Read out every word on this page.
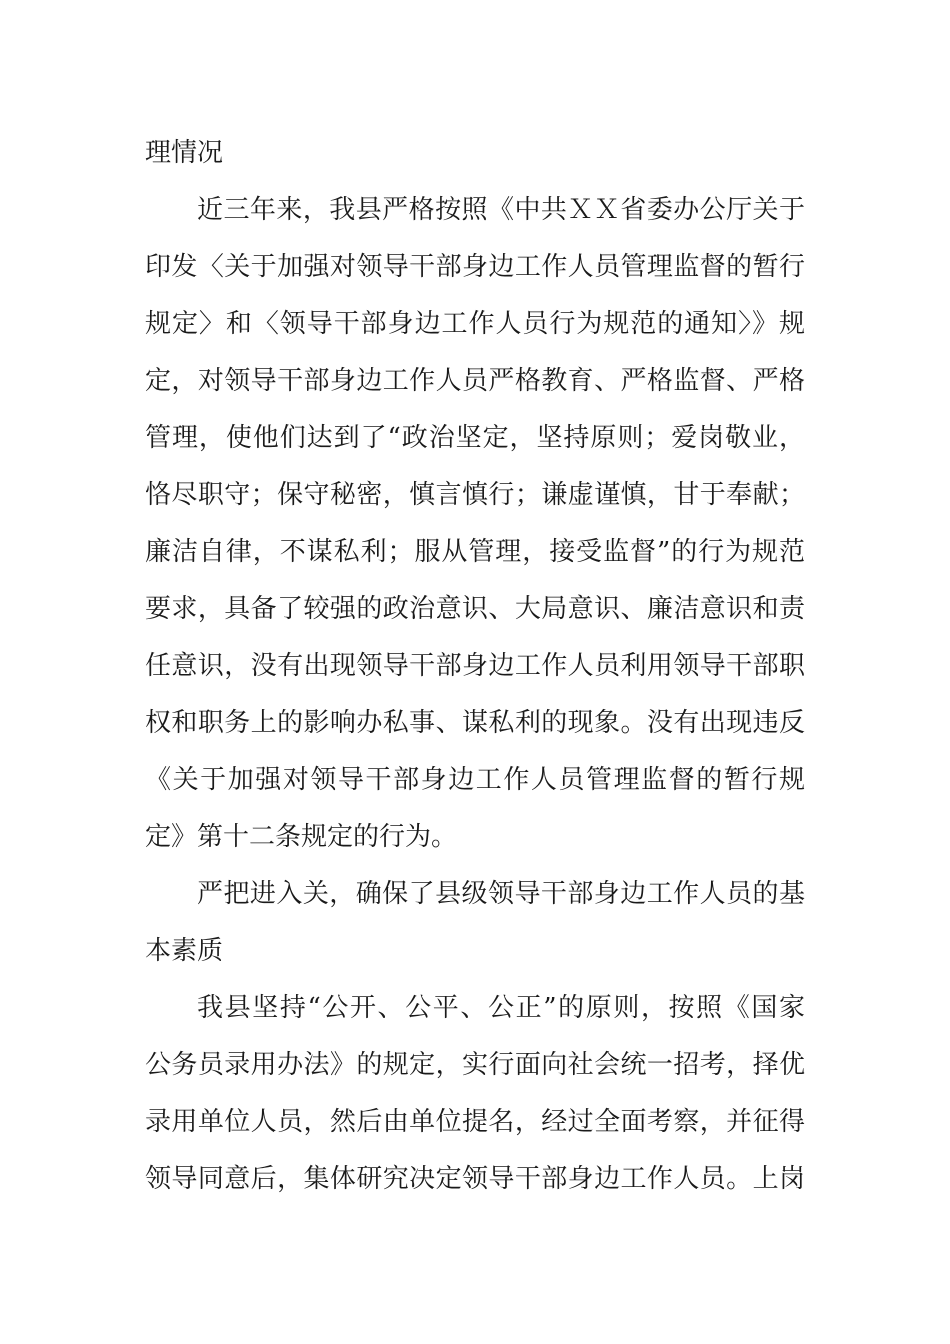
理情况
近三年来，我县严格按照《中共ＸＸ省委办公厅关于
印发〈关于加强对领导干部身边工作人员管理监督的暂行
规定〉和〈领导干部身边工作人员行为规范的通知〉》规
定，对领导干部身边工作人员严格教育、严格监督、严格
管理，使他们达到了“政治坚定，坚持原则；爱岗敬业，
恪尽职守；保守秘密，慎言慎行；谦虚谨慎，甘于奉献；
廉洁自律，不谋私利；服从管理，接受监督”的行为规范
要求，具备了较强的政治意识、大局意识、廉洁意识和责
任意识，没有出现领导干部身边工作人员利用领导干部职
权和职务上的影响办私事、谋私利的现象。没有出现违反
《关于加强对领导干部身边工作人员管理监督的暂行规
定》第十二条规定的行为。
严把进入关，确保了县级领导干部身边工作人员的基
本素质
我县坚持“公开、公平、公正”的原则，按照《国家
公务员录用办法》的规定，实行面向社会统一招考，择优
录用单位人员，然后由单位提名，经过全面考察，并征得
领导同意后，集体研究决定领导干部身边工作人员。上岗
